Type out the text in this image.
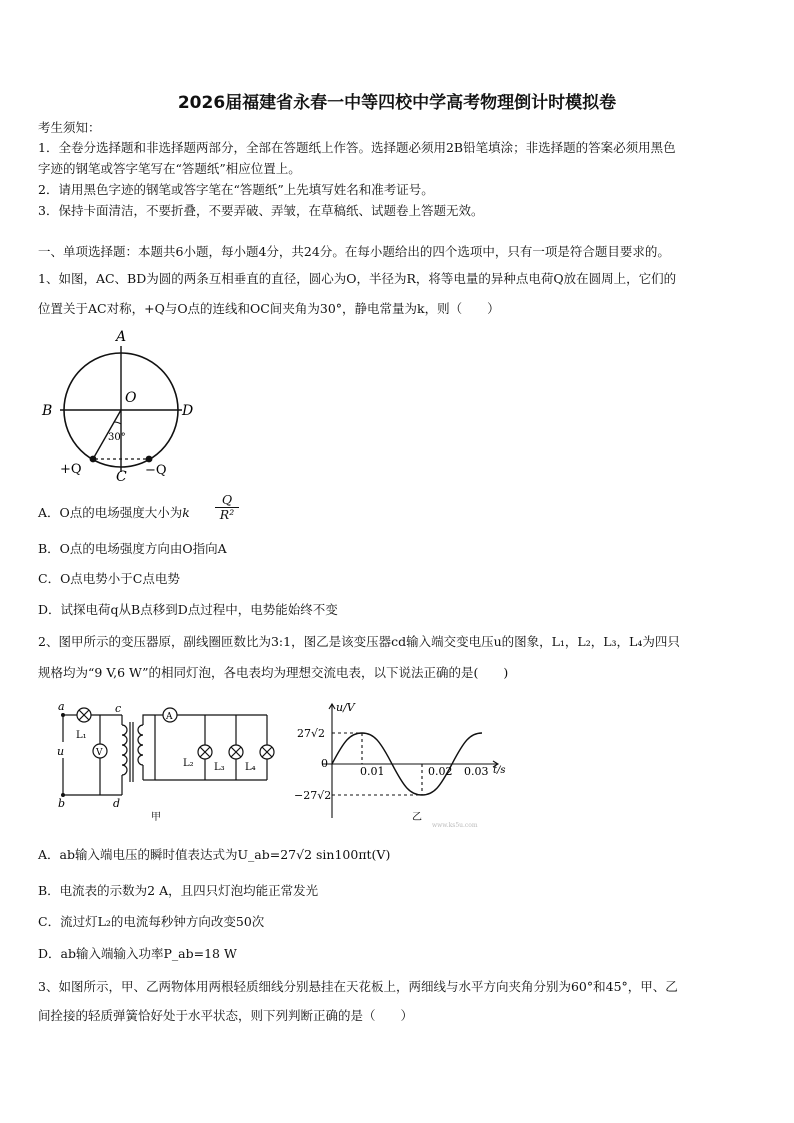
2026届福建省永春一中等四校中学高考物理倒计时模拟卷
考生须知：
1．全卷分选择题和非选择题两部分，全部在答题纸上作答。选择题必须用2B铅笔填涂；非选择题的答案必须用黑色
字迹的钢笔或答字笔写在“答题纸”相应位置上。
2．请用黑色字迹的钢笔或答字笔在“答题纸”上先填写姓名和准考证号。
3．保持卡面清洁，不要折叠，不要弄破、弄皱，在草稿纸、试题卷上答题无效。
一、单项选择题：本题共6小题，每小题4分，共24分。在每小题给出的四个选项中，只有一项是符合题目要求的。
1、如图，AC、BD为圆的两条互相垂直的直径，圆心为O，半径为R，将等电量的异种点电荷Q放在圆周上，它们的
位置关于AC对称，+Q与O点的连线和OC间夹角为30°，静电常量为k，则（　　）
A
B	D
O
C
30°
+Q	−Q
A．O点的电场强度大小为k $\frac{Q}{\text{R²}}$
B．O点的电场强度方向由O指向A
C．O点电势小于C点电势
D．试探电荷q从B点移到D点过程中，电势能始终不变
2、图甲所示的变压器原，副线圈匝数比为3:1，图乙是该变压器cd输入端交变电压u的图象，L₁，L₂，L₃，L₄为四只
规格均为“9 V,6 W”的相同灯泡，各电表均为理想交流电表，以下说法正确的是(　　)
a
b
c
d
u
L₁
V
A
L₂ L₃ L₄
甲
u/V
t/s
27√2
−27√2
0
0.01	0.02 0.03
乙
www.ks5u.com
A．ab输入端电压的瞬时值表达式为U_ab=27√2 sin100πt(V)
B．电流表的示数为2 A，且四只灯泡均能正常发光
C．流过灯L₂的电流每秒钟方向改变50次
D．ab输入端输入功率P_ab=18 W
3、如图所示，甲、乙两物体用两根轻质细线分别悬挂在天花板上，两细线与水平方向夹角分别为60°和45°，甲、乙
间拴接的轻质弹簧恰好处于水平状态，则下列判断正确的是（　　）
